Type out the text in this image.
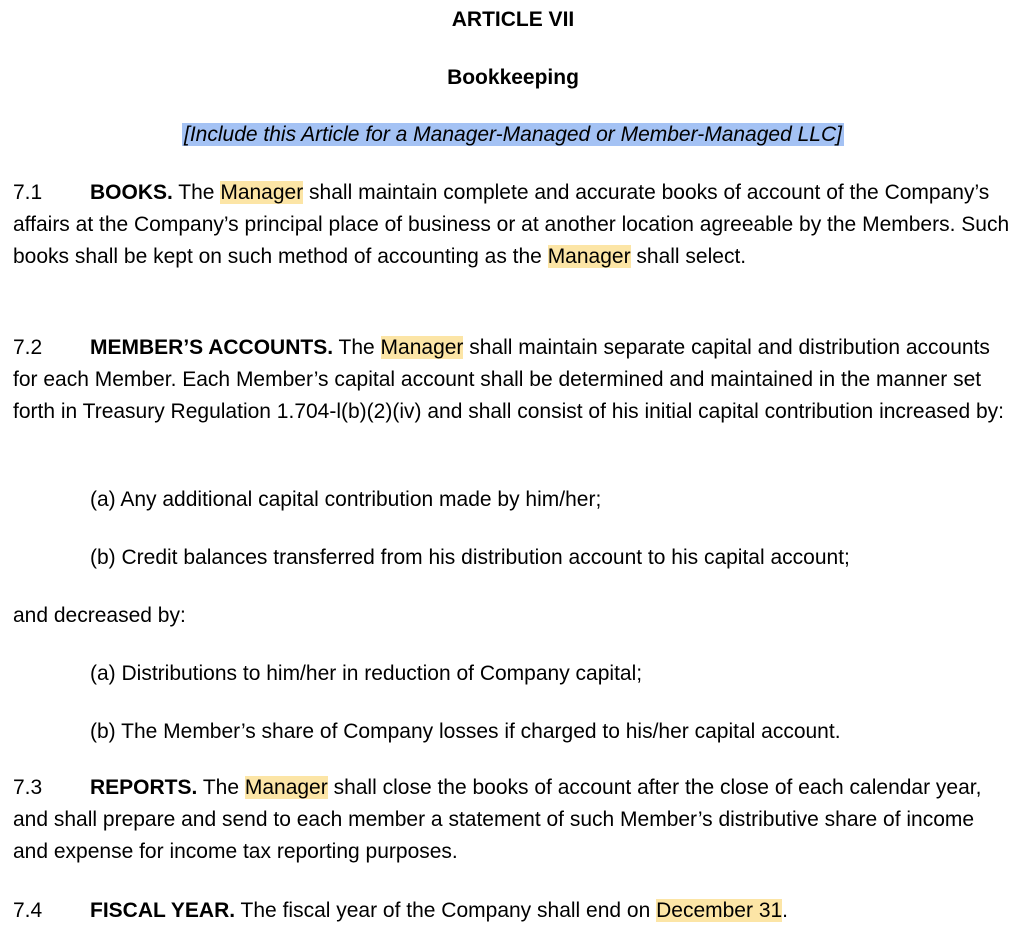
ARTICLE VII
Bookkeeping
[Include this Article for a Manager-Managed or Member-Managed LLC]

7.1 BOOKS. The Manager shall maintain complete and accurate books of account of the Company’s affairs at the Company’s principal place of business or at another location agreeable by the Members. Such books shall be kept on such method of accounting as the Manager shall select.

7.2 MEMBER’S ACCOUNTS. The Manager shall maintain separate capital and distribution accounts for each Member. Each Member’s capital account shall be determined and maintained in the manner set forth in Treasury Regulation 1.704-l(b)(2)(iv) and shall consist of his initial capital contribution increased by:

(a) Any additional capital contribution made by him/her;

(b) Credit balances transferred from his distribution account to his capital account;

and decreased by:

(a) Distributions to him/her in reduction of Company capital;

(b) The Member’s share of Company losses if charged to his/her capital account.

7.3 REPORTS. The Manager shall close the books of account after the close of each calendar year, and shall prepare and send to each member a statement of such Member’s distributive share of income and expense for income tax reporting purposes.

7.4 FISCAL YEAR. The fiscal year of the Company shall end on December 31.
